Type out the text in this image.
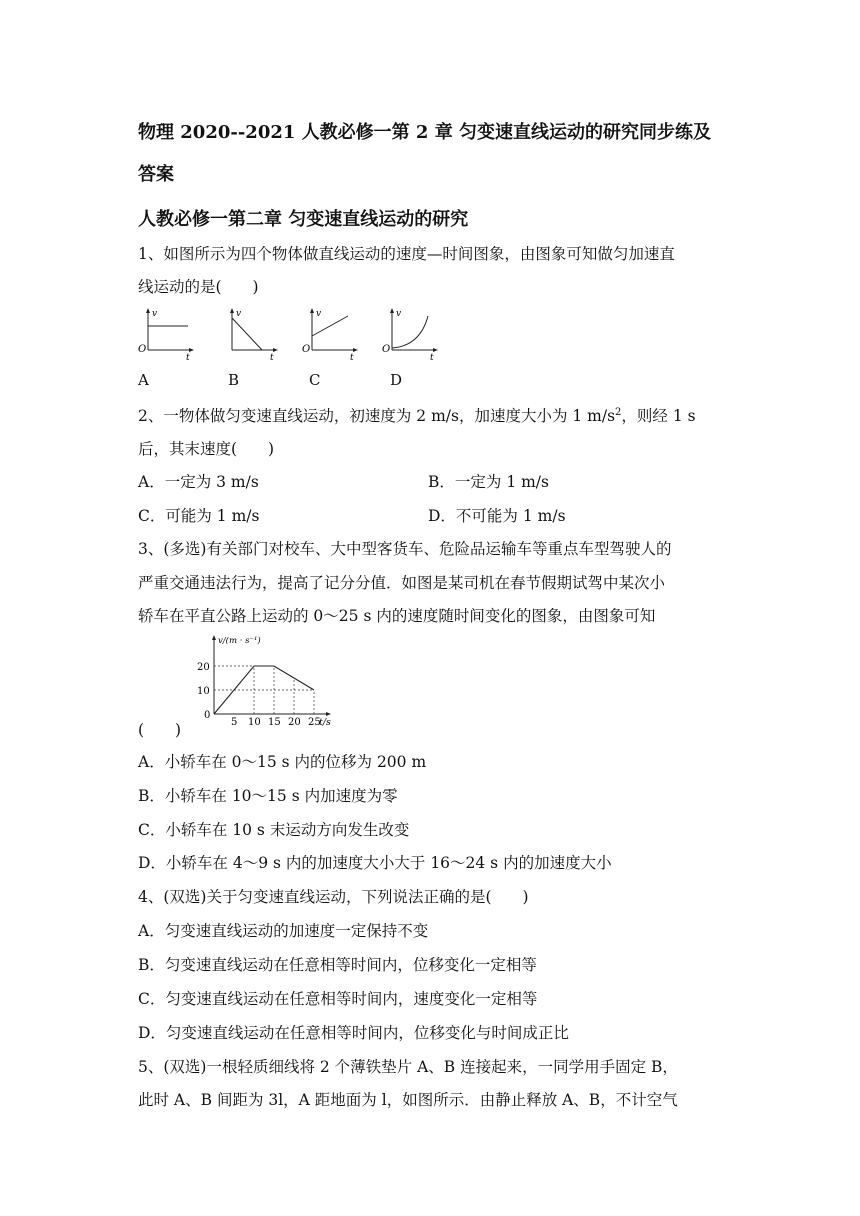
物理 2020--2021 人教必修一第 2 章 匀变速直线运动的研究同步练及
答案
人教必修一第二章 匀变速直线运动的研究
1、如图所示为四个物体做直线运动的速度—时间图象，由图象可知做匀加速直
线运动的是(　　)
v
O
t
v
t
v
O
t
v
O
t
A	B	C	D
2、一物体做匀变速直线运动，初速度为 2 m/s，加速度大小为 1 $m/s^2$，则经 1 s
后，其末速度(　　)
A．一定为 3 m/s	B．一定为 1 m/s
C．可能为 1 m/s	D．不可能为 1 m/s
3、(多选)有关部门对校车、大中型客货车、危险品运输车等重点车型驾驶人的
严重交通违法行为，提高了记分分值．如图是某司机在春节假期试驾中某次小
轿车在平直公路上运动的 0～25 s 内的速度随时间变化的图象，由图象可知
10
20
5 10 15 20 25
0
v/(m · s⁻¹)
t/s
(　　)
A．小轿车在 0～15 s 内的位移为 200 m
B．小轿车在 10～15 s 内加速度为零
C．小轿车在 10 s 末运动方向发生改变
D．小轿车在 4～9 s 内的加速度大小大于 16～24 s 内的加速度大小
4、(双选)关于匀变速直线运动，下列说法正确的是(　　)
A．匀变速直线运动的加速度一定保持不变
B．匀变速直线运动在任意相等时间内，位移变化一定相等
C．匀变速直线运动在任意相等时间内，速度变化一定相等
D．匀变速直线运动在任意相等时间内，位移变化与时间成正比
5、(双选)一根轻质细线将 2 个薄铁垫片 A、B 连接起来，一同学用手固定 B，
此时 A、B 间距为 3l，A 距地面为 l，如图所示．由静止释放 A、B，不计空气
